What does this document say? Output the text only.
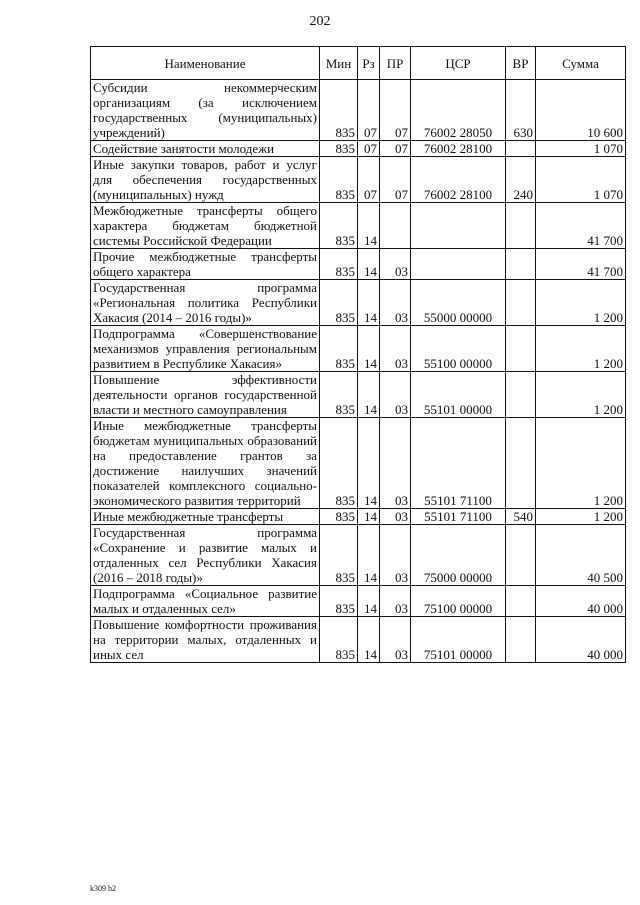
202
Наименование	Мин	Рз	ПР	ЦСР	ВР	Сумма

Субсидии некоммерческим организациям (за исключением государственных (муниципальных) учреждений)	835	07	07	76002 28050	630	10 600

Содействие занятости молодежи	835	07	07	76002 28100		1 070

Иные закупки товаров, работ и услуг для обеспечения государственных (муниципальных) нужд	835	07	07	76002 28100	240	1 070

Межбюджетные трансферты общего характера бюджетам бюджетной системы Российской Федерации	835	14				41 700

Прочие межбюджетные трансферты общего характера	835	14	03			41 700

Государственная программа «Региональная политика Республики Хакасия (2014 – 2016 годы)»	835	14	03	55000 00000		1 200

Подпрограмма «Совершенствование механизмов управления региональным развитием в Республике Хакасия»	835	14	03	55100 00000		1 200

Повышение эффективности деятельности органов государственной власти и местного самоуправления	835	14	03	55101 00000		1 200

Иные межбюджетные трансферты бюджетам муниципальных образований на предоставление грантов за достижение наилучших значений показателей комплексного социально-экономического развития территорий	835	14	03	55101 71100		1 200

Иные межбюджетные трансферты	835	14	03	55101 71100	540	1 200

Государственная программа «Сохранение и развитие малых и отдаленных сел Республики Хакасия (2016 – 2018 годы)»	835	14	03	75000 00000		40 500

Подпрограмма «Социальное развитие малых и отдаленных сел»	835	14	03	75100 00000		40 000

Повышение комфортности проживания на территории малых, отдаленных и иных сел	835	14	03	75101 00000		40 000
k309 h2
